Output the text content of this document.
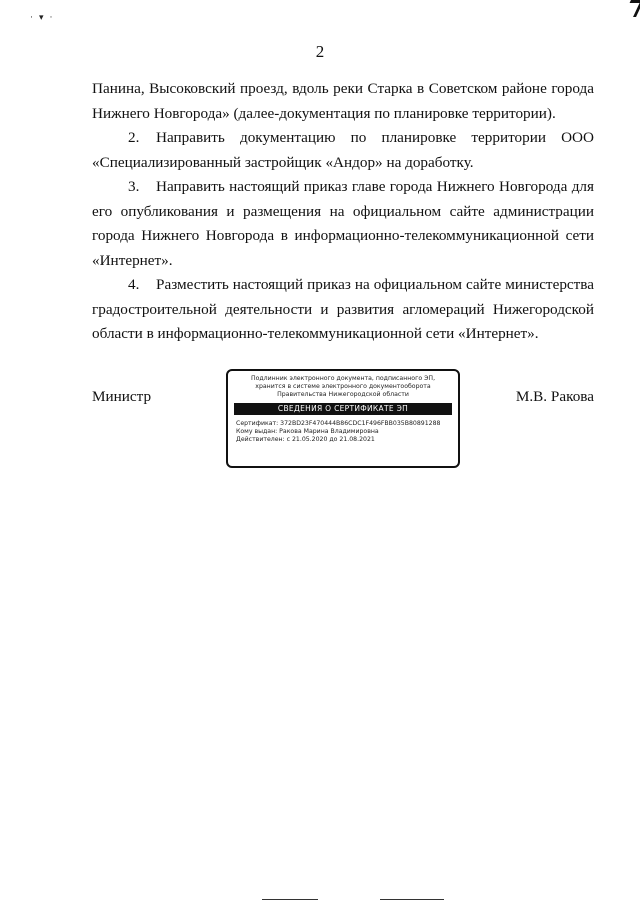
·▾·
2

Панина, Высоковский проезд, вдоль реки Старка в Советском районе города Нижнего Новгорода» (далее-документация по планировке территории).

2. Направить документацию по планировке территории ООО «Специализированный застройщик «Андор» на доработку.

3. Направить настоящий приказ главе города Нижнего Новгорода для его опубликования и размещения на официальном сайте администрации города Нижнего Новгорода в информационно-телекоммуникационной сети «Интернет».

4. Разместить настоящий приказ на официальном сайте министерства градостроительной деятельности и развития агломераций Нижегородской области в информационно-телекоммуникационной сети «Интернет».

Министр	М.В. Ракова
Подлинник электронного документа, подписанного ЭП,
хранится в системе электронного документооборота
Правительства Нижегородской области
СВЕДЕНИЯ О СЕРТИФИКАТЕ ЭП
Сертификат: 372BD23F470444B86CDC1F496FBB035B80891288
Кому выдан: Ракова Марина Владимировна
Действителен: с 21.05.2020 до 21.08.2021
